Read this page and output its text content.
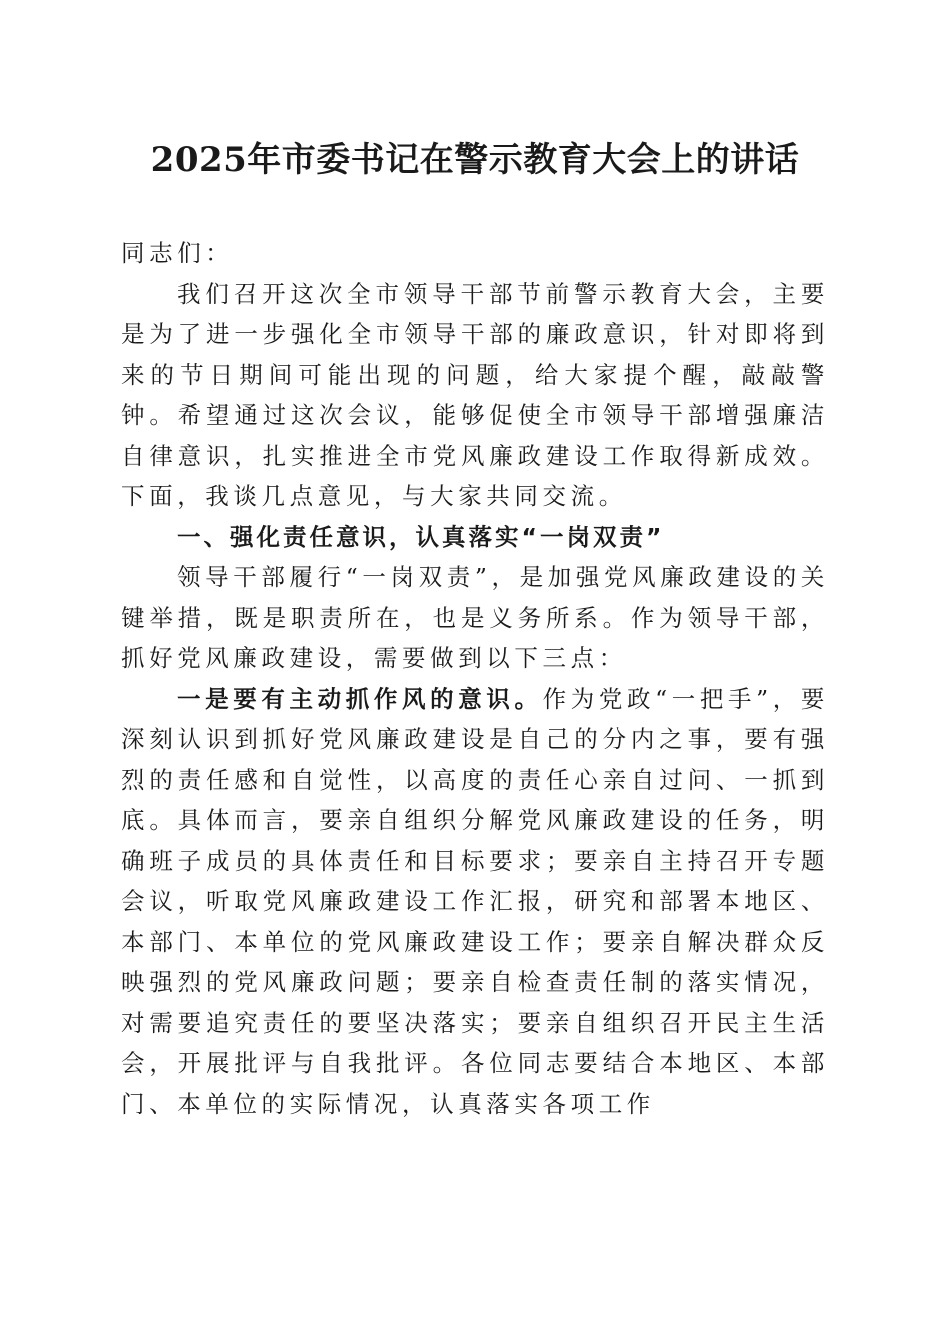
2025年市委书记在警示教育大会上的讲话

同志们：

我们召开这次全市领导干部节前警示教育大会，主要是为了进一步强化全市领导干部的廉政意识，针对即将到来的节日期间可能出现的问题，给大家提个醒，敲敲警钟。希望通过这次会议，能够促使全市领导干部增强廉洁自律意识，扎实推进全市党风廉政建设工作取得新成效。下面，我谈几点意见，与大家共同交流。

一、强化责任意识，认真落实“一岗双责”

领导干部履行“一岗双责”，是加强党风廉政建设的关键举措，既是职责所在，也是义务所系。作为领导干部，抓好党风廉政建设，需要做到以下三点：

一是要有主动抓作风的意识。作为党政“一把手”，要深刻认识到抓好党风廉政建设是自己的分内之事，要有强烈的责任感和自觉性，以高度的责任心亲自过问、一抓到底。具体而言，要亲自组织分解党风廉政建设的任务，明确班子成员的具体责任和目标要求；要亲自主持召开专题会议，听取党风廉政建设工作汇报，研究和部署本地区、本部门、本单位的党风廉政建设工作；要亲自解决群众反映强烈的党风廉政问题；要亲自检查责任制的落实情况，对需要追究责任的要坚决落实；要亲自组织召开民主生活会，开展批评与自我批评。各位同志要结合本地区、本部门、本单位的实际情况，认真落实各项工作
